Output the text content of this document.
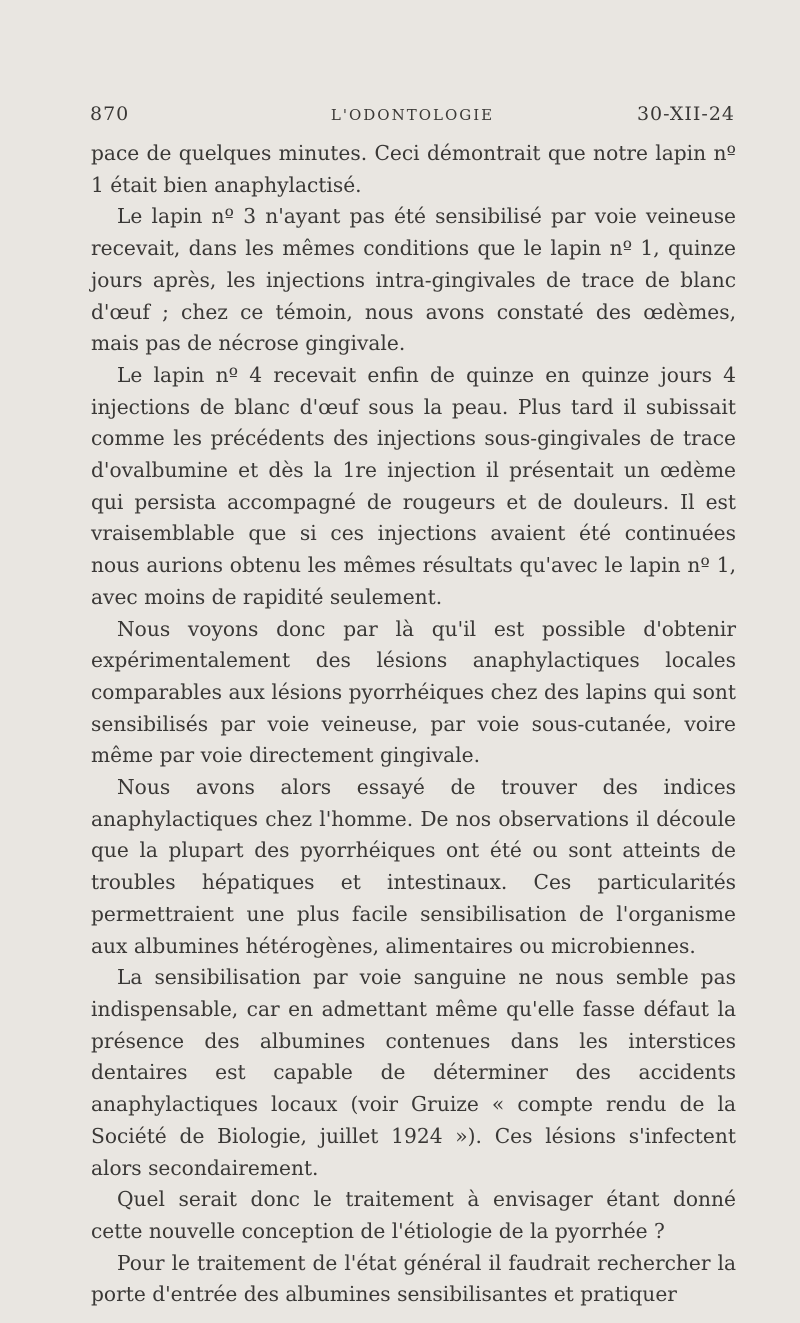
870	L'ODONTOLOGIE	30-XII-24

pace de quelques minutes. Ceci démontrait que notre lapin nº 1 était bien anaphylactisé.

Le lapin nº 3 n'ayant pas été sensibilisé par voie veineuse recevait, dans les mêmes conditions que le lapin nº 1, quinze jours après, les injections intra-gingivales de trace de blanc d'œuf ; chez ce témoin, nous avons constaté des œdèmes, mais pas de nécrose gingivale.

Le lapin nº 4 recevait enfin de quinze en quinze jours 4 injections de blanc d'œuf sous la peau. Plus tard il subissait comme les précédents des injections sous-gingivales de trace d'ovalbumine et dès la 1re injection il présentait un œdème qui persista accompagné de rougeurs et de douleurs. Il est vraisemblable que si ces injections avaient été continuées nous aurions obtenu les mêmes résultats qu'avec le lapin nº 1, avec moins de rapidité seulement.

Nous voyons donc par là qu'il est possible d'obtenir expérimentalement des lésions anaphylactiques locales comparables aux lésions pyorrhéiques chez des lapins qui sont sensibilisés par voie veineuse, par voie sous-cutanée, voire même par voie directement gingivale.

Nous avons alors essayé de trouver des indices anaphylactiques chez l'homme. De nos observations il découle que la plupart des pyorrhéiques ont été ou sont atteints de troubles hépatiques et intestinaux. Ces particularités permettraient une plus facile sensibilisation de l'organisme aux albumines hétérogènes, alimentaires ou microbiennes.

La sensibilisation par voie sanguine ne nous semble pas indispensable, car en admettant même qu'elle fasse défaut la présence des albumines contenues dans les interstices dentaires est capable de déterminer des accidents anaphylactiques locaux (voir Gruize « compte rendu de la Société de Biologie, juillet 1924 »). Ces lésions s'infectent alors secondairement.

Quel serait donc le traitement à envisager étant donné cette nouvelle conception de l'étiologie de la pyorrhée ?

Pour le traitement de l'état général il faudrait rechercher la porte d'entrée des albumines sensibilisantes et pratiquer
